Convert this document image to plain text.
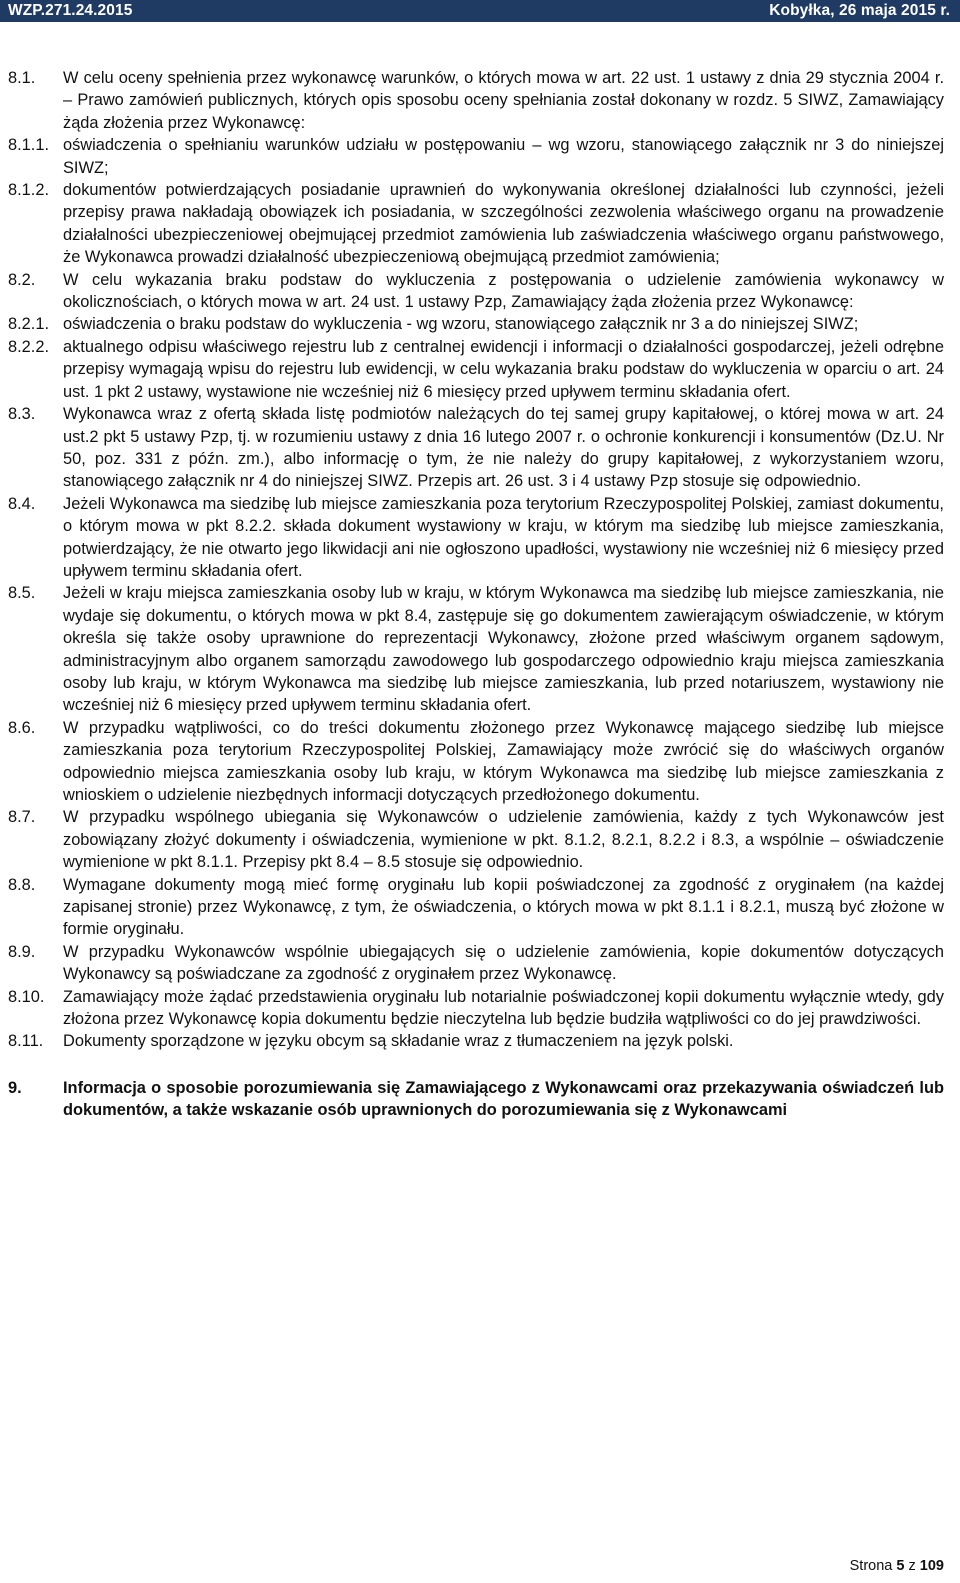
WZP.271.24.2015	Kobyłka, 26 maja 2015 r.
8.1.	W celu oceny spełnienia przez wykonawcę warunków, o których mowa w art. 22 ust. 1 ustawy z dnia 29 stycznia 2004 r. – Prawo zamówień publicznych, których opis sposobu oceny spełniania został dokonany w rozdz. 5 SIWZ, Zamawiający żąda złożenia przez Wykonawcę:
8.1.1. oświadczenia o spełnianiu warunków udziału w postępowaniu – wg wzoru, stanowiącego załącznik nr 3 do niniejszej SIWZ;
8.1.2. dokumentów potwierdzających posiadanie uprawnień do wykonywania określonej działalności lub czynności, jeżeli przepisy prawa nakładają obowiązek ich posiadania, w szczególności zezwolenia właściwego organu na prowadzenie działalności ubezpieczeniowej obejmującej przedmiot zamówienia lub zaświadczenia właściwego organu państwowego, że Wykonawca prowadzi działalność ubezpieczeniową obejmującą przedmiot zamówienia;
8.2.	W celu wykazania braku podstaw do wykluczenia z postępowania o udzielenie zamówienia wykonawcy w okolicznościach, o których mowa w art. 24 ust. 1 ustawy Pzp, Zamawiający żąda złożenia przez Wykonawcę:
8.2.1. oświadczenia o braku podstaw do wykluczenia - wg wzoru, stanowiącego załącznik nr 3 a do niniejszej SIWZ;
8.2.2. aktualnego odpisu właściwego rejestru lub z centralnej ewidencji i informacji o działalności gospodarczej, jeżeli odrębne przepisy wymagają wpisu do rejestru lub ewidencji, w celu wykazania braku podstaw do wykluczenia w oparciu o art. 24 ust. 1 pkt 2 ustawy, wystawione nie wcześniej niż 6 miesięcy przed upływem terminu składania ofert.
8.3.	Wykonawca wraz z ofertą składa listę podmiotów należących do tej samej grupy kapitałowej, o której mowa w art. 24 ust.2 pkt 5 ustawy Pzp, tj. w rozumieniu ustawy z dnia 16 lutego 2007 r. o ochronie konkurencji i konsumentów (Dz.U. Nr 50, poz. 331 z późn. zm.), albo informację o tym, że nie należy do grupy kapitałowej, z wykorzystaniem wzoru, stanowiącego załącznik nr 4 do niniejszej SIWZ. Przepis art. 26 ust. 3 i 4 ustawy Pzp stosuje się odpowiednio.
8.4.	Jeżeli Wykonawca ma siedzibę lub miejsce zamieszkania poza terytorium Rzeczypospolitej Polskiej, zamiast dokumentu, o którym mowa w pkt 8.2.2. składa dokument wystawiony w kraju, w którym ma siedzibę lub miejsce zamieszkania, potwierdzający, że nie otwarto jego likwidacji ani nie ogłoszono upadłości, wystawiony nie wcześniej niż 6 miesięcy przed upływem terminu składania ofert.
8.5.	Jeżeli w kraju miejsca zamieszkania osoby lub w kraju, w którym Wykonawca ma siedzibę lub miejsce zamieszkania, nie wydaje się dokumentu, o których mowa w pkt 8.4, zastępuje się go dokumentem zawierającym oświadczenie, w którym określa się także osoby uprawnione do reprezentacji Wykonawcy, złożone przed właściwym organem sądowym, administracyjnym albo organem samorządu zawodowego lub gospodarczego odpowiednio kraju miejsca zamieszkania osoby lub kraju, w którym Wykonawca ma siedzibę lub miejsce zamieszkania, lub przed notariuszem, wystawiony nie wcześniej niż 6 miesięcy przed upływem terminu składania ofert.
8.6.	W przypadku wątpliwości, co do treści dokumentu złożonego przez Wykonawcę mającego siedzibę lub miejsce zamieszkania poza terytorium Rzeczypospolitej Polskiej, Zamawiający może zwrócić się do właściwych organów odpowiednio miejsca zamieszkania osoby lub kraju, w którym Wykonawca ma siedzibę lub miejsce zamieszkania z wnioskiem o udzielenie niezbędnych informacji dotyczących przedłożonego dokumentu.
8.7.	W przypadku wspólnego ubiegania się Wykonawców o udzielenie zamówienia, każdy z tych Wykonawców jest zobowiązany złożyć dokumenty i oświadczenia, wymienione w pkt. 8.1.2, 8.2.1, 8.2.2 i 8.3, a wspólnie – oświadczenie wymienione w pkt 8.1.1. Przepisy pkt 8.4 – 8.5 stosuje się odpowiednio.
8.8.	Wymagane dokumenty mogą mieć formę oryginału lub kopii poświadczonej za zgodność z oryginałem (na każdej zapisanej stronie) przez Wykonawcę, z tym, że oświadczenia, o których mowa w pkt 8.1.1 i 8.2.1, muszą być złożone w formie oryginału.
8.9.	W przypadku Wykonawców wspólnie ubiegających się o udzielenie zamówienia, kopie dokumentów dotyczących Wykonawcy są poświadczane za zgodność z oryginałem przez Wykonawcę.
8.10.	Zamawiający może żądać przedstawienia oryginału lub notarialnie poświadczonej kopii dokumentu wyłącznie wtedy, gdy złożona przez Wykonawcę kopia dokumentu będzie nieczytelna lub będzie budziła wątpliwości co do jej prawdziwości.
8.11.	Dokumenty sporządzone w języku obcym są składanie wraz z tłumaczeniem na język polski.
9.	Informacja o sposobie porozumiewania się Zamawiającego z Wykonawcami oraz przekazywania oświadczeń lub dokumentów, a także wskazanie osób uprawnionych do porozumiewania się z Wykonawcami
Strona 5 z 109
